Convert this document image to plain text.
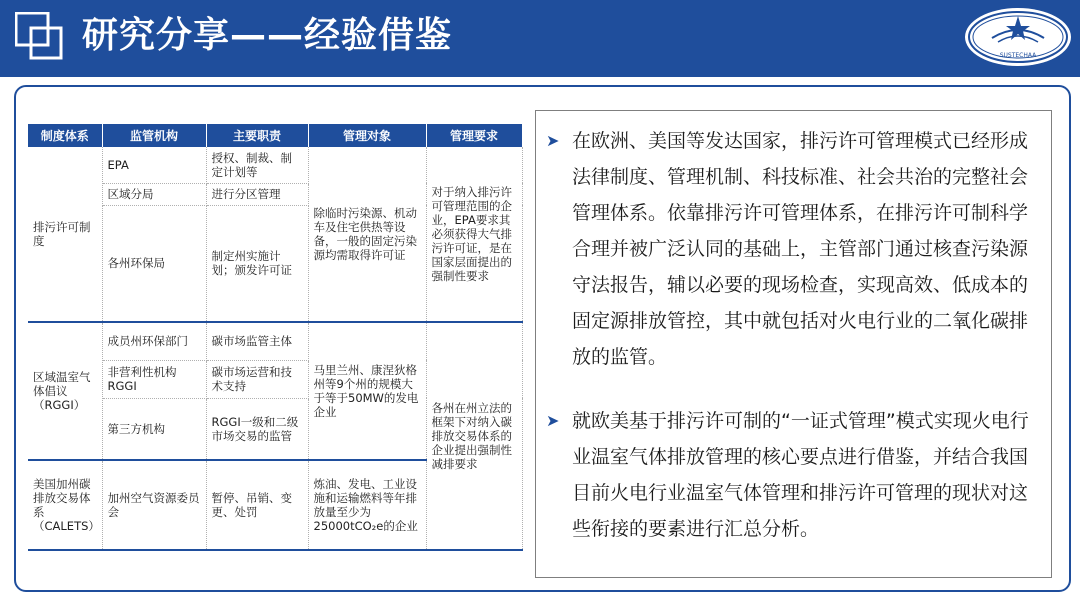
研究分享——经验借鉴	SUSTECHAA
制度体系	监管机构	主要职责	管理对象	管理要求
排污许可制度	EPA	授权、制裁、制定计划等	除临时污染源、机动车及住宅供热等设备，一般的固定污染源均需取得许可证	对于纳入排污许可管理范围的企业，EPA要求其必须获得大气排污许可证，是在国家层面提出的强制性要求
	区域分局	进行分区管理		
	各州环保局	制定州实施计划；颁发许可证		
区域温室气体倡议（RGGI）	成员州环保部门	碳市场监管主体	马里兰州、康涅狄格州等9个州的规模大于等于50MW的发电企业	各州在州立法的框架下对纳入碳排放交易体系的企业提出强制性减排要求
	非营利性机构RGGI	碳市场运营和技术支持		
	第三方机构	RGGI一级和二级市场交易的监管		
美国加州碳排放交易体系（CALETS）	加州空气资源委员会	暂停、吊销、变更、处罚	炼油、发电、工业设施和运输燃料等年排放量至少为25000tCO₂e的企业	
➤ 在欧洲、美国等发达国家，排污许可管理模式已经形成法律制度、管理机制、科技标准、社会共治的完整社会管理体系。依靠排污许可管理体系，在排污许可制科学合理并被广泛认同的基础上，主管部门通过核查污染源守法报告，辅以必要的现场检查，实现高效、低成本的固定源排放管控，其中就包括对火电行业的二氧化碳排放的监管。
➤ 就欧美基于排污许可制的“一证式管理”模式实现火电行业温室气体排放管理的核心要点进行借鉴，并结合我国目前火电行业温室气体管理和排污许可管理的现状对这些衔接的要素进行汇总分析。
